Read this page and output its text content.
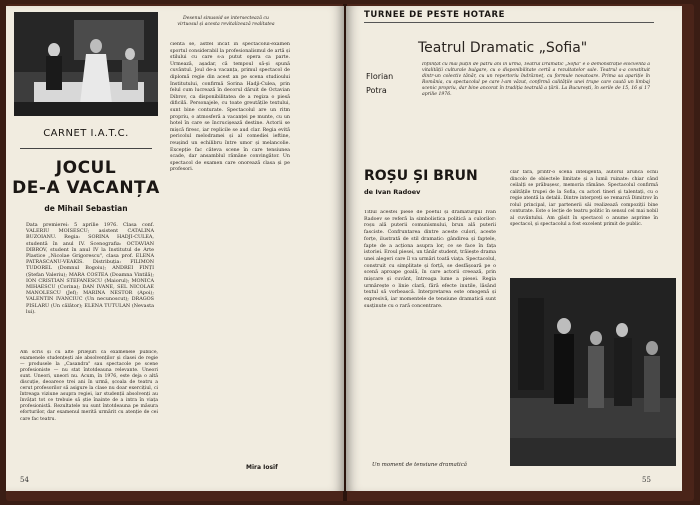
Desenul sinusoid se intersectează cu virtuosul și acesta revitalizează realitatea
CARNET I.A.T.C.
JOCUL
DE-A VACANȚA
de Mihail Sebastian
Data premierei: 5 aprilie 1976. Clasa conf. VALERIU MOISESCU; asistent CATALINA BUZOIANU. Regia: SORINA HADJI-CULEA, studentă în anul IV. Scenografia: OCTAVIAN DIBROV, student în anul IV la Institutul de Arte Plastice „Nicolae Grigorescu", clasa prof. ELENA PATRASCANU-VEAKIS. Distribuția: FILIMON TUDOREL (Domnul Bogoiu); ANDREI FINȚI (Ștefan Valeriu); MARA COSTEA (Doamna Vintilă); ION CRISTIAN STEFANESCU (Maiorul); MONICA MIHAESCU (Corina); DAN IVANE, SEL NICOLAE MANOLESCU (Jef); MARINA NESTOR (Apoi); VALENTIN IVANCIUC (Un necunoscut); DRAGOS PISLARU (Un călător); ELENA TUTULAN (Nevasta lui).
Am scris și cu alte prilejuri că examenele publice, examenele studențești ale absolvenților și clasei de regie — produsele la „Casandra" sau spectacole pe scene profesioniste — nu stat întotdeauna relevante. Uneori sunt. Uneori, uneori nu. Acum, în 1976, este deja o altă discuție, deoarece trei ani în urmă, școala de teatru a cerut profesorilor să asigure la clase nu doar exercițiul, ci întreaga viziune asupra regiei, iar studenții absolvenți au învățat tot ce trebuie să știe înainte de a intra în viața profesionistă. Rezultatele nu sunt întotdeauna pe măsura eforturilor, dar examenul merită urmărit cu atenție de cei care fac teatru.
cienta se, astfel încât în spectacolul-examen sportul considerabil la profesionalismul de artă și stilului cu care s-a putut opera ca parte. Urmează, așadar, că tempoul să-și spună cuvântul. Joul de-a vacanța, primul spectacol de diplomă regie din acest an pe scena studioului Institutului, confirmă Sorina Hadji-Culea, prin felul cum lucrează în decorul dăruit de Octavian Dibrov, ca disponibilitatea de a regiza o piesă dificilă. Personajele, cu toate greutățile textului, sunt bine conturate. Spectacolul are un ritm propriu, o atmosferă a vacanței pe munte, cu un hotel în care se încrucișează destine. Actorii se mișcă firesc, iar replicile se aud clar. Regia evită pericolul melodramei și al comediei ieftine, reușind un echilibru între umor și melancolie. Excepție fac câteva scene în care tensiunea scade, dar ansamblul rămâne convingător. Un spectacol de examen care onorează clasa și pe profesori.
Mira Iosif
54
TURNEE DE PESTE HOTARE
Teatrul Dramatic „Sofia"
Florian
Potra
Înființat cu mai puțin de patru ani în urmă, Teatrul Dramatic „Sofia" e o demonstrație elocventă a vitalității culturale bulgare, cu o disponibilitate certă a rezultatelor sale. Teatrul s-a constituit dintr-un colectiv tânăr, cu un repertoriu îndrăzneț, cu formule novatoare. Prima sa apariție în România, cu spectacolul pe care l-am văzut, confirmă calitățile unei trupe care caută un limbaj scenic propriu, dar bine ancorat în tradiția teatrală a țării. La București, în serile de 15, 16 și 17 aprilie 1976.
ROȘU ȘI BRUN
de Ivan Radoev
Titlul acestei piese de poetul și dramaturgul Ivan Radoev se referă la simbolistica politică a culorilor: roșu ală puterii comunismului, brun ală puterii fasciste. Confruntarea dintre aceste culori, aceste forțe, ilustrată de stil dramatic: gândirea și faptele, fapte de a acționa asupra lor, ce se face în fața istoriei. Eroul piesei, un tânăr student, trăiește drama unei alegeri care îl va urmări toată viața. Spectacolul, construit cu simplitate și forță, se desfășoară pe o scenă aproape goală, în care actorii creează, prin mișcare și cuvânt, întreaga lume a piesei. Regia urmărește o linie clară, fără efecte inutile, lăsând textul să vorbească. Interpretarea este omogenă și expresivă, iar momentele de tensiune dramatică sunt susținute cu o rară concentrare.
clar fără, printr-o scenă inteligentă, autorul arunca ochii dincolo de obiectele limitate și a lumii ruinate: chiar când ceilalți se prăbușesc, memoria rămâne. Spectacolul confirmă calitățile trupei de la Sofia, cu actori tineri și talentați, cu o regie atentă la detalii. Dintre interpreți se remarcă Dimitrov în rolul principal, iar partenerii săi realizează compoziții bine conturate. Este o lecție de teatru politic în sensul cel mai nobil al cuvântului. Am găsit în spectacol o anume asprime în spectacol, și spectacolul a fost excelent primit de public.
Un moment de tensiune dramatică
55
